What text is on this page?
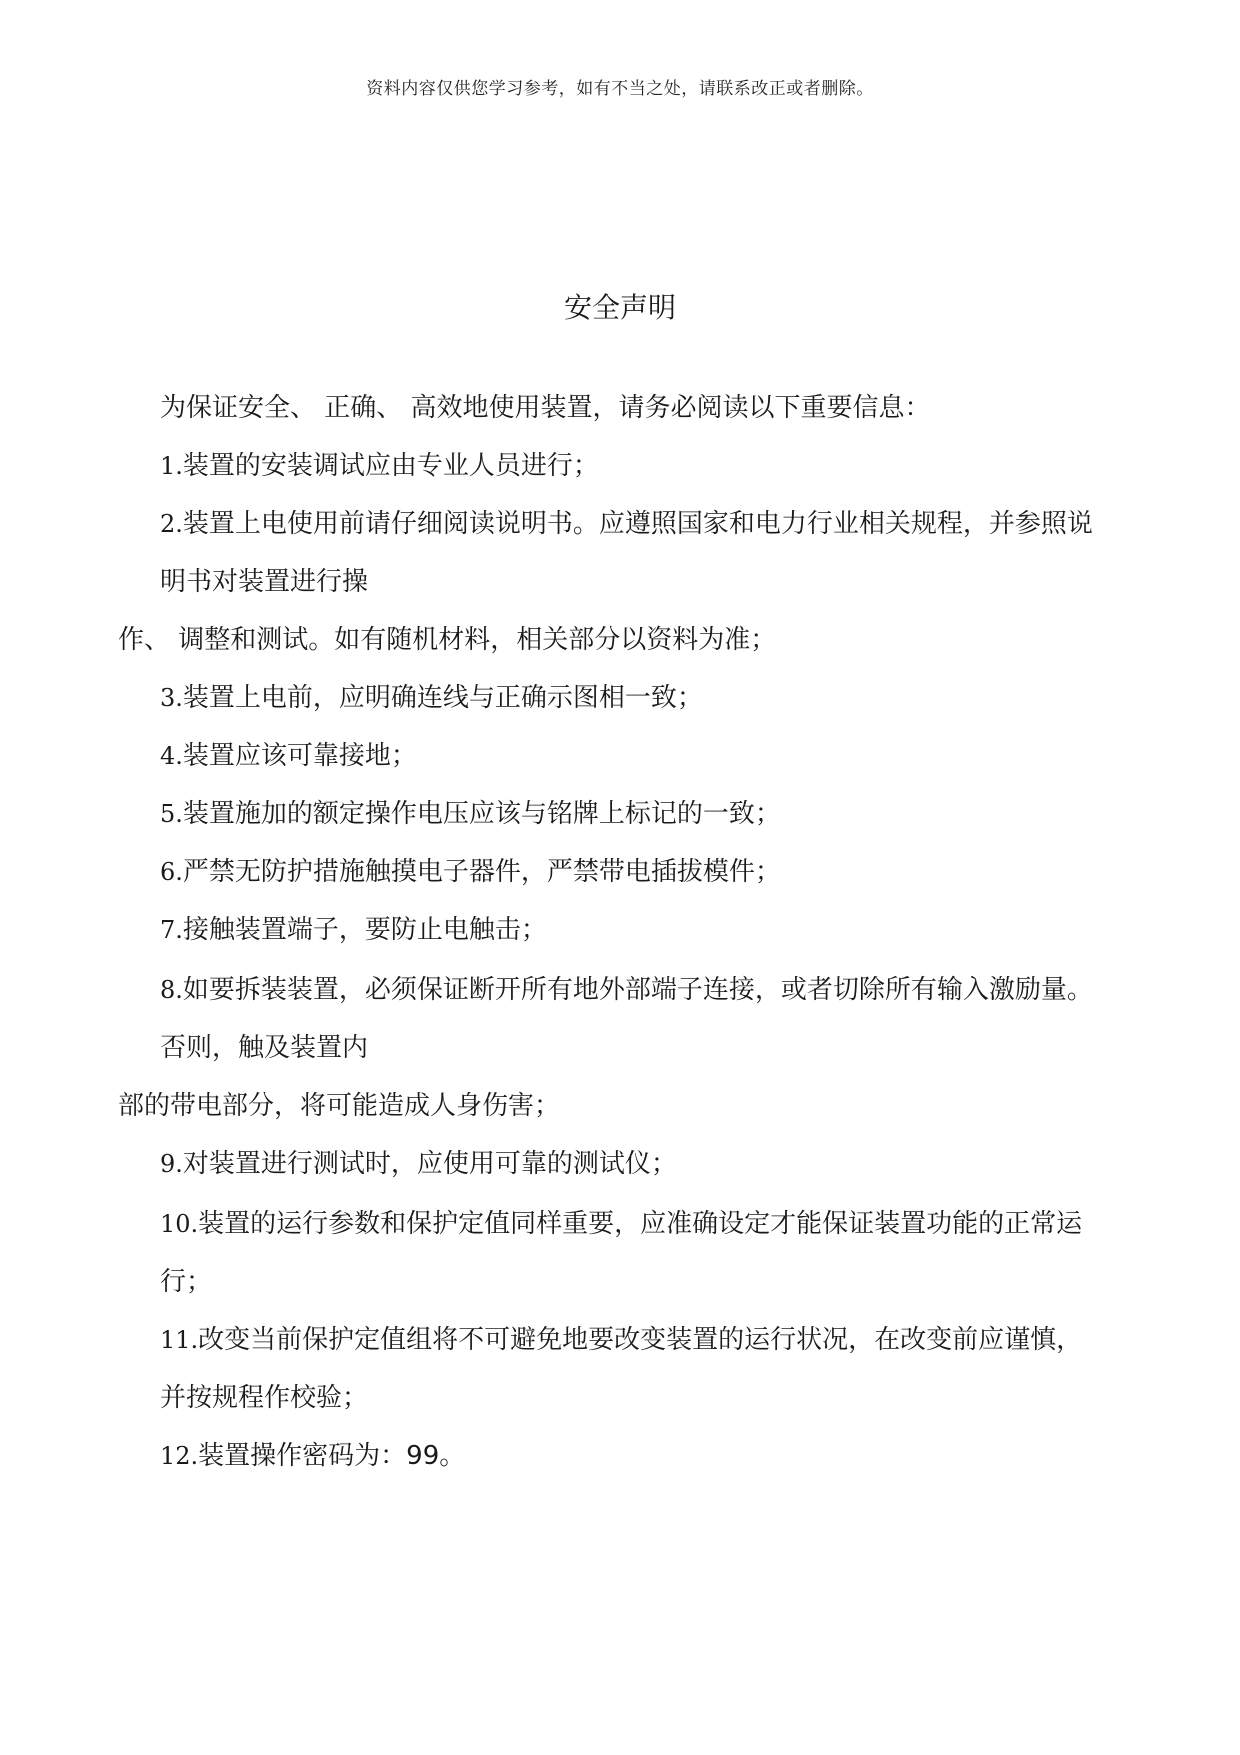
资料内容仅供您学习参考，如有不当之处，请联系改正或者删除。
安全声明
为保证安全、 正确、 高效地使用装置，请务必阅读以下重要信息：
1.装置的安装调试应由专业人员进行；
2.装置上电使用前请仔细阅读说明书。应遵照国家和电力行业相关规程，并参照说
明书对装置进行操
作、 调整和测试。如有随机材料，相关部分以资料为准；
3.装置上电前，应明确连线与正确示图相一致；
4.装置应该可靠接地；
5.装置施加的额定操作电压应该与铭牌上标记的一致；
6.严禁无防护措施触摸电子器件，严禁带电插拔模件；
7.接触装置端子，要防止电触击；
8.如要拆装装置，必须保证断开所有地外部端子连接，或者切除所有输入激励量。
否则，触及装置内
部的带电部分，将可能造成人身伤害；
9.对装置进行测试时，应使用可靠的测试仪；
10.装置的运行参数和保护定值同样重要，应准确设定才能保证装置功能的正常运
行；
11.改变当前保护定值组将不可避免地要改变装置的运行状况，在改变前应谨慎，
并按规程作校验；
12.装置操作密码为：99。
